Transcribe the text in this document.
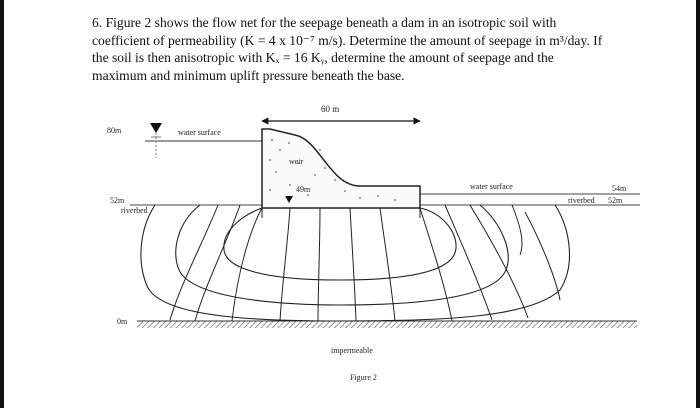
6. Figure 2 shows the flow net for the seepage beneath a dam in an isotropic soil with
coefficient of permeability (K = 4 x 10⁻⁷ m/s). Determine the amount of seepage in m³/day. If
the soil is then anisotropic with Kₓ = 16 Kᵧ, determine the amount of seepage and the
maximum and minimum uplift pressure beneath the base.
60 m
80m	water surface
weir
49m
52m
riverbed
water surface	54m
riverbed 52m
0m
impermeable
Figure 2
